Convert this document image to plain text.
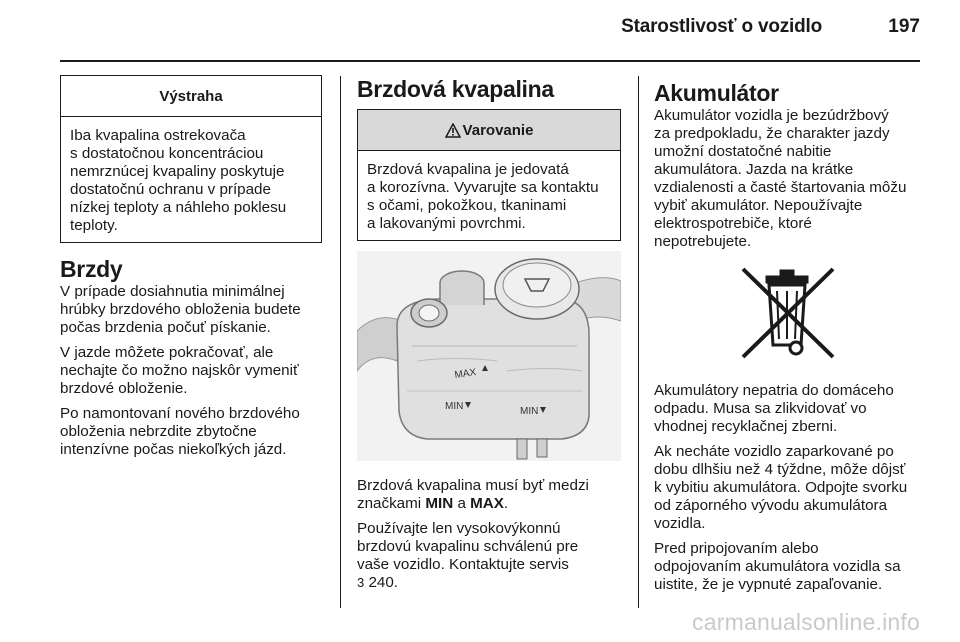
Starostlivosť o vozidlo	197
Výstraha

Iba kvapalina ostrekovača
s dostatočnou koncentráciou
nemrznúcej kvapaliny poskytuje
dostatočnú ochranu v prípade
nízkej teploty a náhleho poklesu
teploty.

Brzdy

V prípade dosiahnutia minimálnej
hrúbky brzdového obloženia budete
počas brzdenia počuť pískanie.

V jazde môžete pokračovať, ale
nechajte čo možno najskôr vymeniť
brzdové obloženie.

Po namontovaní nového brzdového
obloženia nebrzdite zbytočne
intenzívne počas niekoľkých jázd.

Brzdová kvapalina
Varovanie

Brzdová kvapalina je jedovatá
a korozívna. Vyvarujte sa kontaktu
s očami, pokožkou, tkaninami
a lakovanými povrchmi.

MAX
MIN	MIN

Brzdová kvapalina musí byť medzi
značkami MIN a MAX.

Používajte len vysokovýkonnú
brzdovú kvapalinu schválenú pre
vaše vozidlo. Kontaktujte servis
3 240.

Akumulátor

Akumulátor vozidla je bezúdržbový
za predpokladu, že charakter jazdy
umožní dostatočné nabitie
akumulátora. Jazda na krátke
vzdialenosti a časté štartovania môžu
vybiť akumulátor. Nepoužívajte
elektrospotrebiče, ktoré
nepotrebujete.

Akumulátory nepatria do domáceho
odpadu. Musa sa zlikvidovať vo
vhodnej recyklačnej zberni.

Ak necháte vozidlo zaparkované po
dobu dlhšiu než 4 týždne, môže dôjsť
k vybitiu akumulátora. Odpojte svorku
od záporného vývodu akumulátora
vozidla.

Pred pripojovaním alebo
odpojovaním akumulátora vozidla sa
uistite, že je vypnuté zapaľovanie.

carmanualsonline.info
